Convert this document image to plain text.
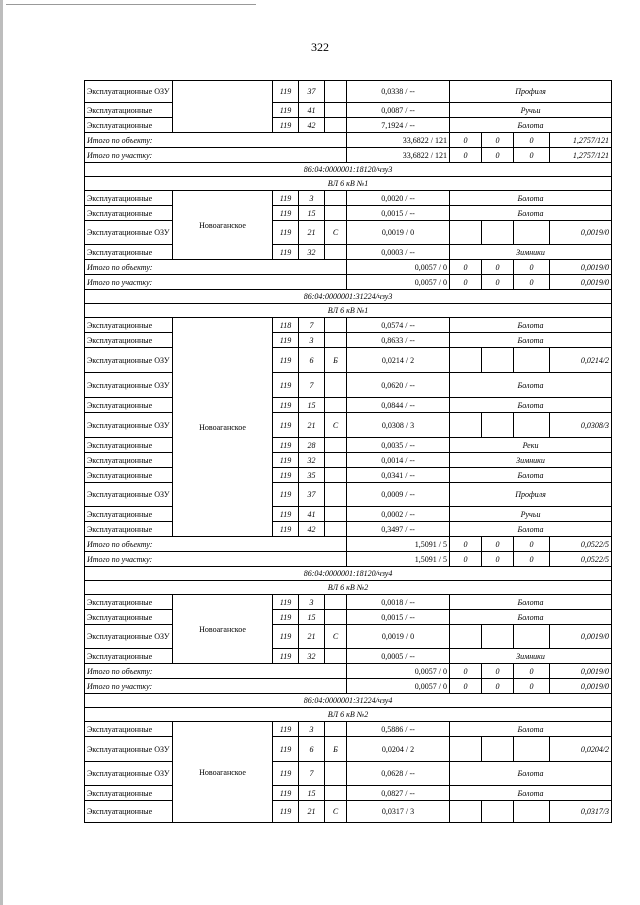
322
Эксплуатационные ОЗУ		119	37		0,0338 / --	Профиля			
Эксплуатационные		119	41		0,0087 / --	Ручьи			
Эксплуатационные		119	42		7,1924 / --	Болота			
Итого по объекту:					33,6822 / 121	0	0	0	1,2757/121
Итого по участку:					33,6822 / 121	0	0	0	1,2757/121
86:04:0000001:18120/чзу3									
ВЛ 6 кВ №1									
Эксплуатационные	Новоаганское	119	3		0,0020 / --	Болота			
Эксплуатационные		119	15		0,0015 / --	Болота			
Эксплуатационные ОЗУ		119	21	С	0,0019 / 0				0,0019/0
Эксплуатационные		119	32		0,0003 / --	Зимники			
Итого по объекту:					0,0057 / 0	0	0	0	0,0019/0
Итого по участку:					0,0057 / 0	0	0	0	0,0019/0
86:04:0000001:31224/чзу3									
ВЛ 6 кВ №1									
Эксплуатационные	Новоаганское	118	7		0,0574 / --	Болота			
Эксплуатационные		119	3		0,8633 / --	Болота			
Эксплуатационные ОЗУ		119	6	Б	0,0214 / 2				0,0214/2
Эксплуатационные ОЗУ		119	7		0,0620 / --	Болота			
Эксплуатационные		119	15		0,0844 / --	Болота			
Эксплуатационные ОЗУ		119	21	С	0,0308 / 3				0,0308/3
Эксплуатационные		119	28		0,0035 / --	Реки			
Эксплуатационные		119	32		0,0014 / --	Зимники			
Эксплуатационные		119	35		0,0341 / --	Болота			
Эксплуатационные ОЗУ		119	37		0,0009 / --	Профиля			
Эксплуатационные		119	41		0,0002 / --	Ручьи			
Эксплуатационные		119	42		0,3497 / --	Болота			
Итого по объекту:					1,5091 / 5	0	0	0	0,0522/5
Итого по участку:					1,5091 / 5	0	0	0	0,0522/5
86:04:0000001:18120/чзу4									
ВЛ 6 кВ №2									
Эксплуатационные	Новоаганское	119	3		0,0018 / --	Болота			
Эксплуатационные		119	15		0,0015 / --	Болота			
Эксплуатационные ОЗУ		119	21	С	0,0019 / 0				0,0019/0
Эксплуатационные		119	32		0,0005 / --	Зимники			
Итого по объекту:					0,0057 / 0	0	0	0	0,0019/0
Итого по участку:					0,0057 / 0	0	0	0	0,0019/0
86:04:0000001:31224/чзу4									
ВЛ 6 кВ №2									
Эксплуатационные	Новоаганское	119	3		0,5886 / --	Болота			
Эксплуатационные ОЗУ		119	6	Б	0,0204 / 2				0,0204/2
Эксплуатационные ОЗУ		119	7		0,0628 / --	Болота			
Эксплуатационные		119	15		0,0827 / --	Болота			
Эксплуатационные		119	21	С	0,0317 / 3				0,0317/3
